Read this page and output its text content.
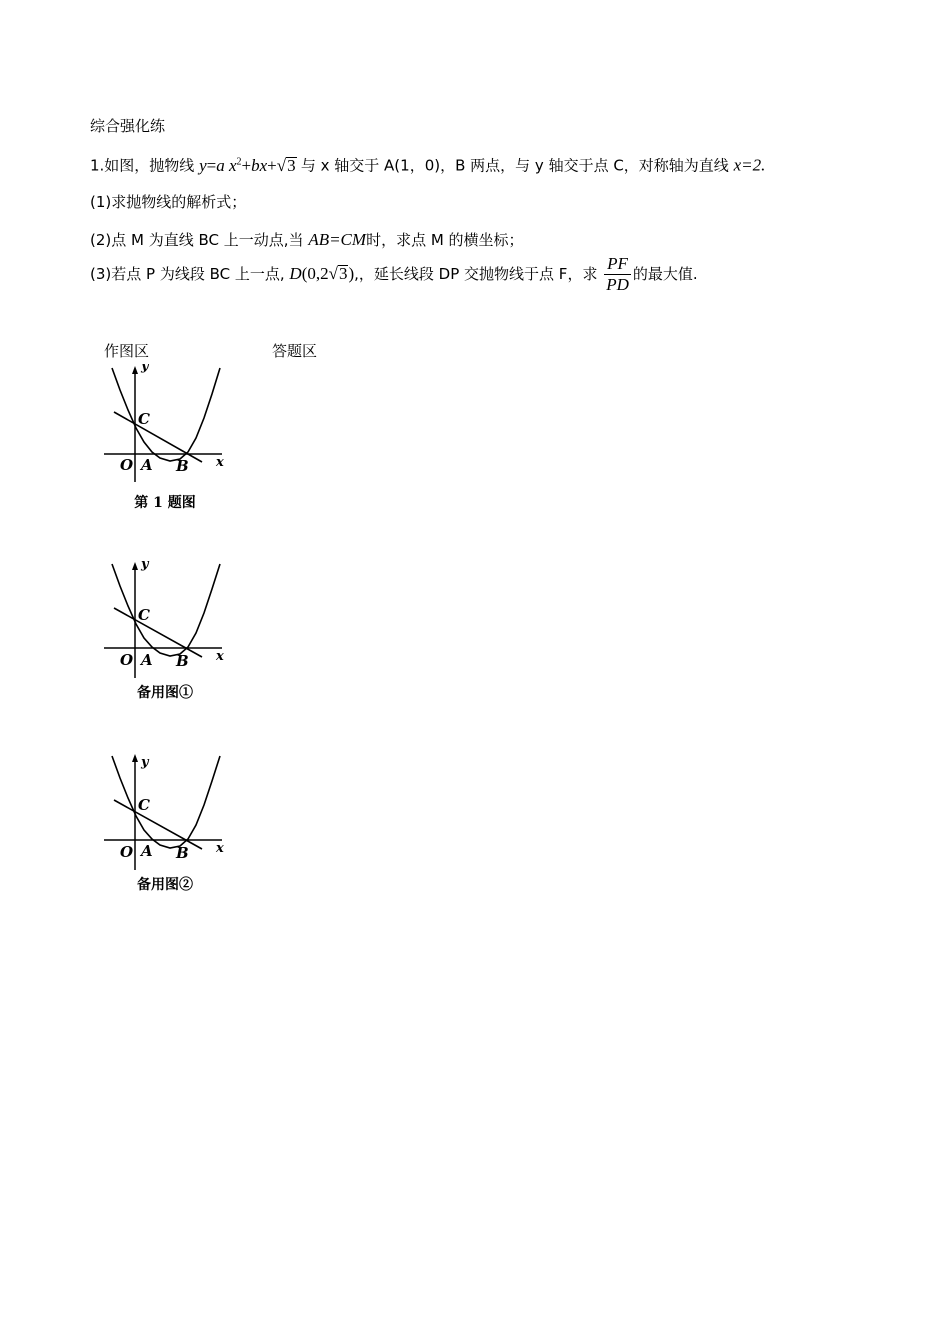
综合强化练
1.如图，抛物线 y=a $x^2+bx+√3$ 与 x 轴交于 A(1，0)，B 两点，与 y 轴交于点 C，对称轴为直线 x=2.
(1)求抛物线的解析式；
(2)点 M 为直线 BC 上一动点,当 AB=CM时，求点 M 的横坐标；
(3)若点 P 为线段 BC 上一点, D(0,2√3),，延长线段 DP 交抛物线于点 F，求 $\frac{PF}{PD}$ 的最大值.
作图区	答题区
y
x
C
O A B
第 1 题图
y
x
C
O A B
备用图①
y
x
C
O A B
备用图②
